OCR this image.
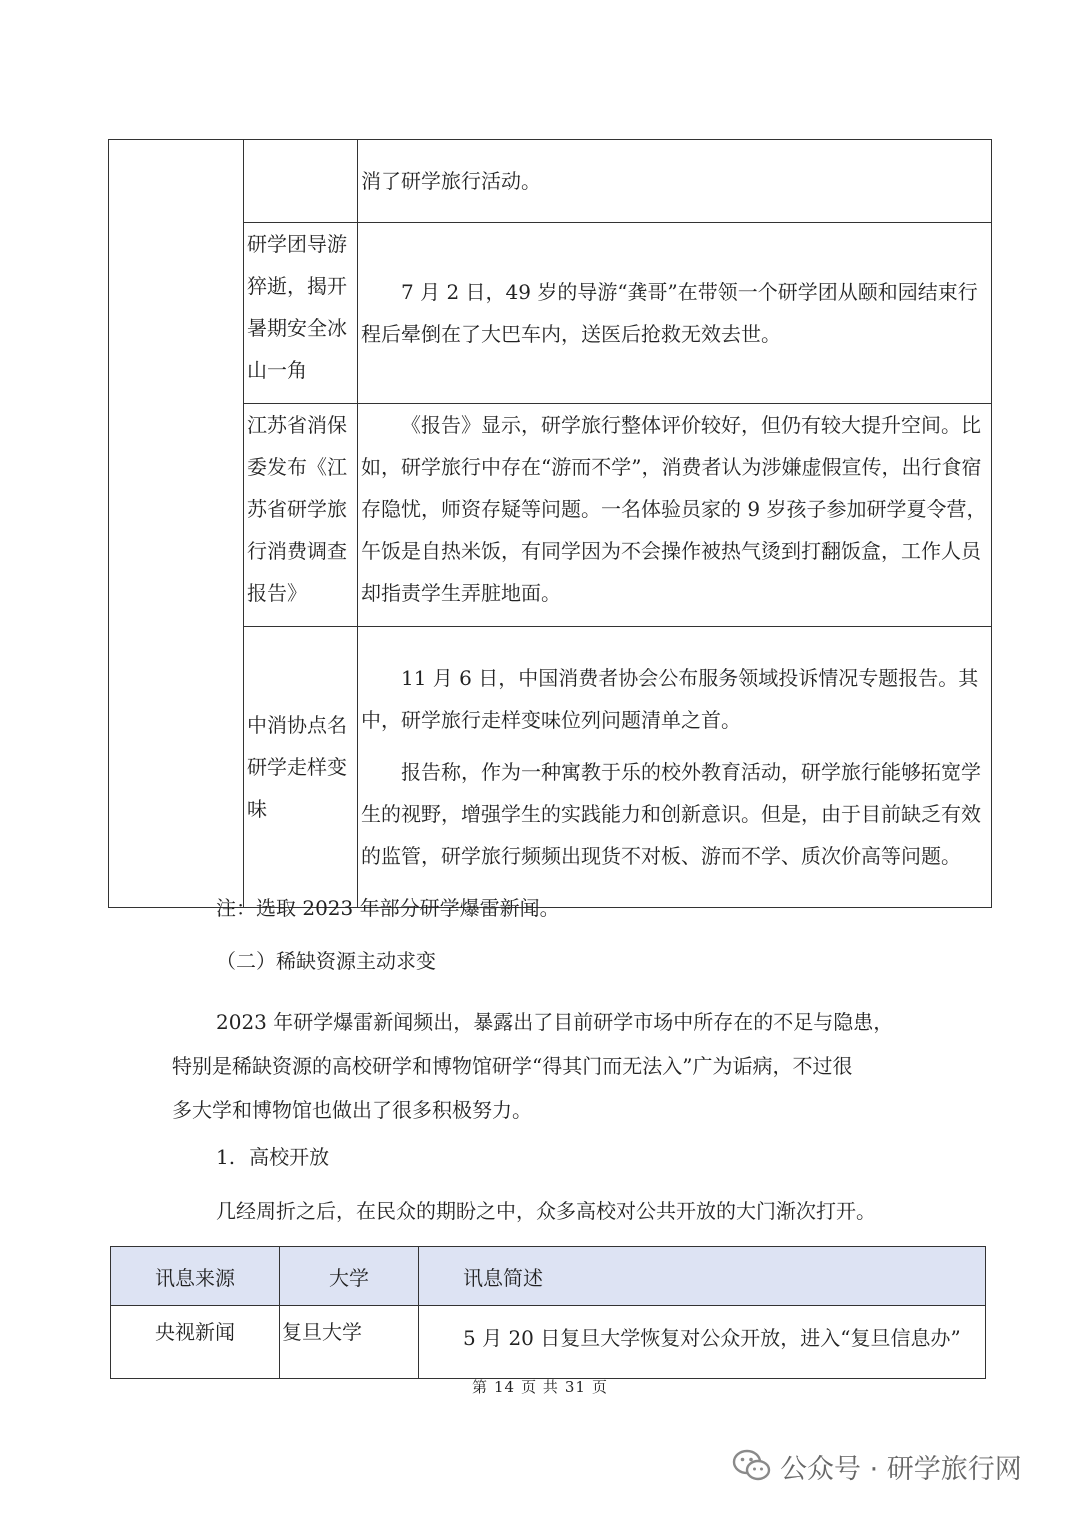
		消了研学旅行活动。

	研学团导游猝逝，揭开暑期安全冰山一角	7 月 2 日，49 岁的导游“龚哥”在带领一个研学团从颐和园结束行程后晕倒在了大巴车内，送医后抢救无效去世。

	江苏省消保委发布《江苏省研学旅行消费调查报告》	《报告》显示，研学旅行整体评价较好，但仍有较大提升空间。比如，研学旅行中存在“游而不学”，消费者认为涉嫌虚假宣传，出行食宿存隐忧，师资存疑等问题。一名体验员家的 9 岁孩子参加研学夏令营，午饭是自热米饭，有同学因为不会操作被热气烫到打翻饭盒，工作人员却指责学生弄脏地面。

	中消协点名研学走样变味	11 月 6 日，中国消费者协会公布服务领域投诉情况专题报告。其中，研学旅行走样变味位列问题清单之首。

报告称，作为一种寓教于乐的校外教育活动，研学旅行能够拓宽学生的视野，增强学生的实践能力和创新意识。但是，由于目前缺乏有效的监管，研学旅行频频出现货不对板、游而不学、质次价高等问题。

注：选取 2023 年部分研学爆雷新闻。
（二）稀缺资源主动求变
2023 年研学爆雷新闻频出，暴露出了目前研学市场中所存在的不足与隐患，
特别是稀缺资源的高校研学和博物馆研学“得其门而无法入”广为诟病，不过很
多大学和博物馆也做出了很多积极努力。
1. 高校开放
几经周折之后，在民众的期盼之中，众多高校对公共开放的大门渐次打开。
讯息来源	大学	讯息简述
央视新闻	复旦大学	5 月 20 日复旦大学恢复对公众开放，进入“复旦信息办”
第 14 页 共 31 页
公众号 · 研学旅行网
